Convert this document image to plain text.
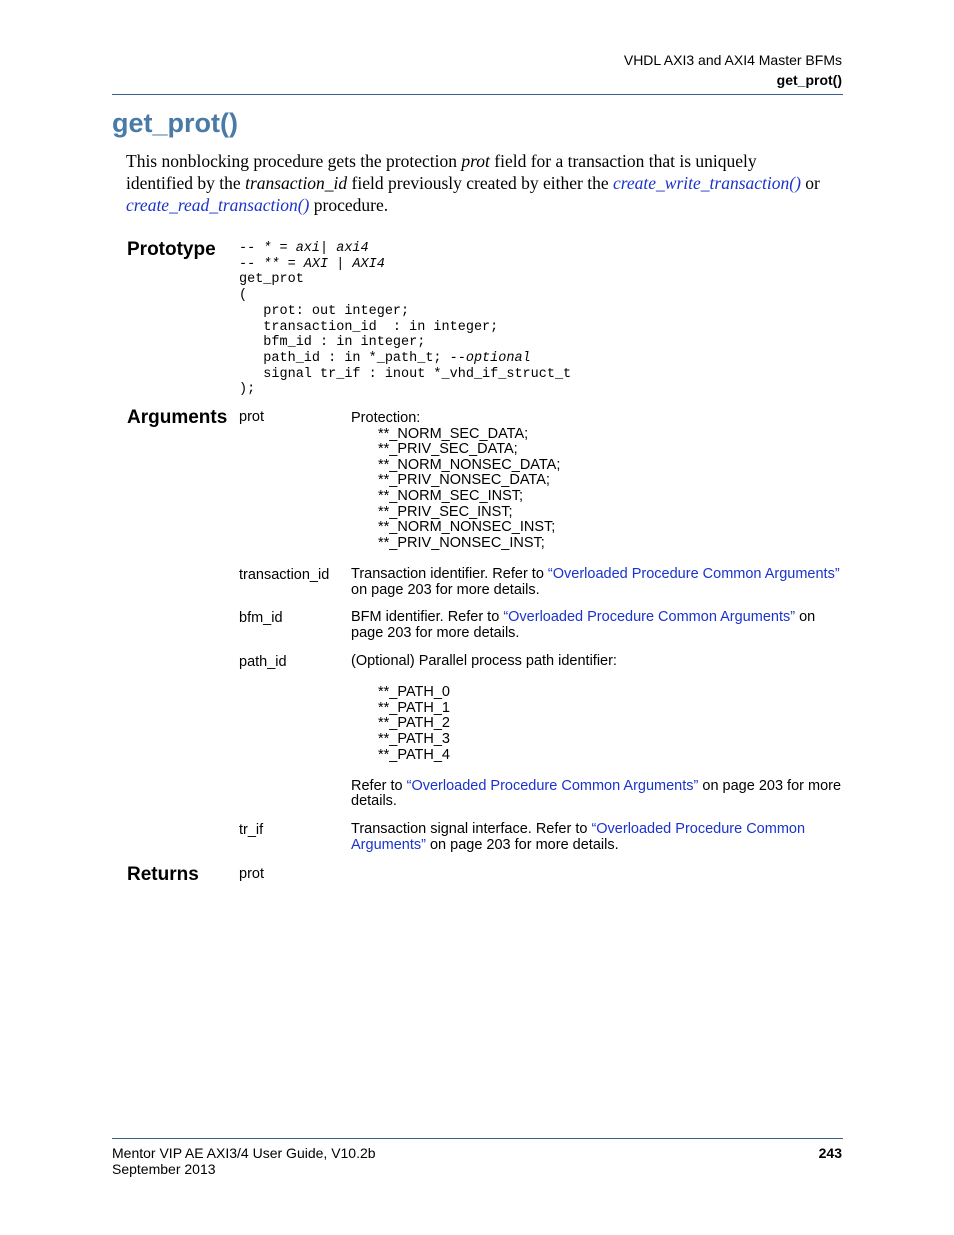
VHDL AXI3 and AXI4 Master BFMs
get_prot()
get_prot()
This nonblocking procedure gets the protection prot field for a transaction that is uniquely identified by the transaction_id field previously created by either the create_write_transaction() or create_read_transaction() procedure.
Prototype -- * = axi| axi4
-- ** = AXI | AXI4
get_prot
(
prot: out integer;
transaction_id  : in integer;
bfm_id : in integer;
path_id : in *_path_t; --optional
signal tr_if : inout *_vhd_if_struct_t
);
Arguments prot	Protection:
**_NORM_SEC_DATA;
**_PRIV_SEC_DATA;
**_NORM_NONSEC_DATA;
**_PRIV_NONSEC_DATA;
**_NORM_SEC_INST;
**_PRIV_SEC_INST;
**_NORM_NONSEC_INST;
**_PRIV_NONSEC_INST;
transaction_id Transaction identifier. Refer to “Overloaded Procedure Common Arguments” on page 203 for more details.
bfm_id	BFM identifier. Refer to “Overloaded Procedure Common Arguments” on page 203 for more details.
path_id	(Optional) Parallel process path identifier:
**_PATH_0
**_PATH_1
**_PATH_2
**_PATH_3
**_PATH_4
Refer to “Overloaded Procedure Common Arguments” on page 203 for more details.
tr_if	Transaction signal interface. Refer to “Overloaded Procedure Common Arguments” on page 203 for more details.
Returns	prot
Mentor VIP AE AXI3/4 User Guide, V10.2b
September 2013
243
